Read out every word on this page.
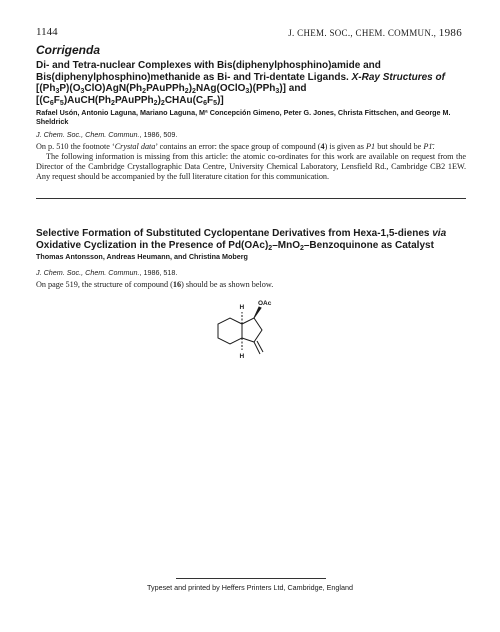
1144	J. CHEM. SOC., CHEM. COMMUN., 1986
Corrigenda
Di- and Tetra-nuclear Complexes with Bis(diphenylphosphino)amide and
Bis(diphenylphosphino)methanide as Bi- and Tri-dentate Ligands. X-Ray Structures of
$[(Ph_3P)(O_3ClO)AgN(Ph_2PAuPPh_2)_2NAg(OClO_3)(PPh_3)]$ and
$[(C_6F_5)AuCH(Ph_2PAuPPh_2)_2CHAu(C_6F_5)]$
Rafael Usón, Antonio Laguna, Mariano Laguna, Mª Concepción Gimeno, Peter G. Jones, Christa Fittschen, and George M. Sheldrick
J. Chem. Soc., Chem. Commun., 1986, 509.

On p. 510 the footnote ‘Crystal data’ contains an error: the space group of compound (4) is given as P1 but should be P1̄.

The following information is missing from this article: the atomic co-ordinates for this work are available on request from the Director of the Cambridge Crystallographic Data Centre, University Chemical Laboratory, Lensfield Rd., Cambridge CB2 1EW. Any request should be accompanied by the full literature citation for this communication.

Selective Formation of Substituted Cyclopentane Derivatives from Hexa-1,5-dienes via
Oxidative Cyclization in the Presence of $Pd(OAc)_2-MnO_2$–Benzoquinone as Catalyst
Thomas Antonsson, Andreas Heumann, and Christina Moberg
J. Chem. Soc., Chem. Commun., 1986, 518.

On page 519, the structure of compound (16) should be as shown below.

H
OAc
H
Typeset and printed by Heffers Printers Ltd, Cambridge, England
